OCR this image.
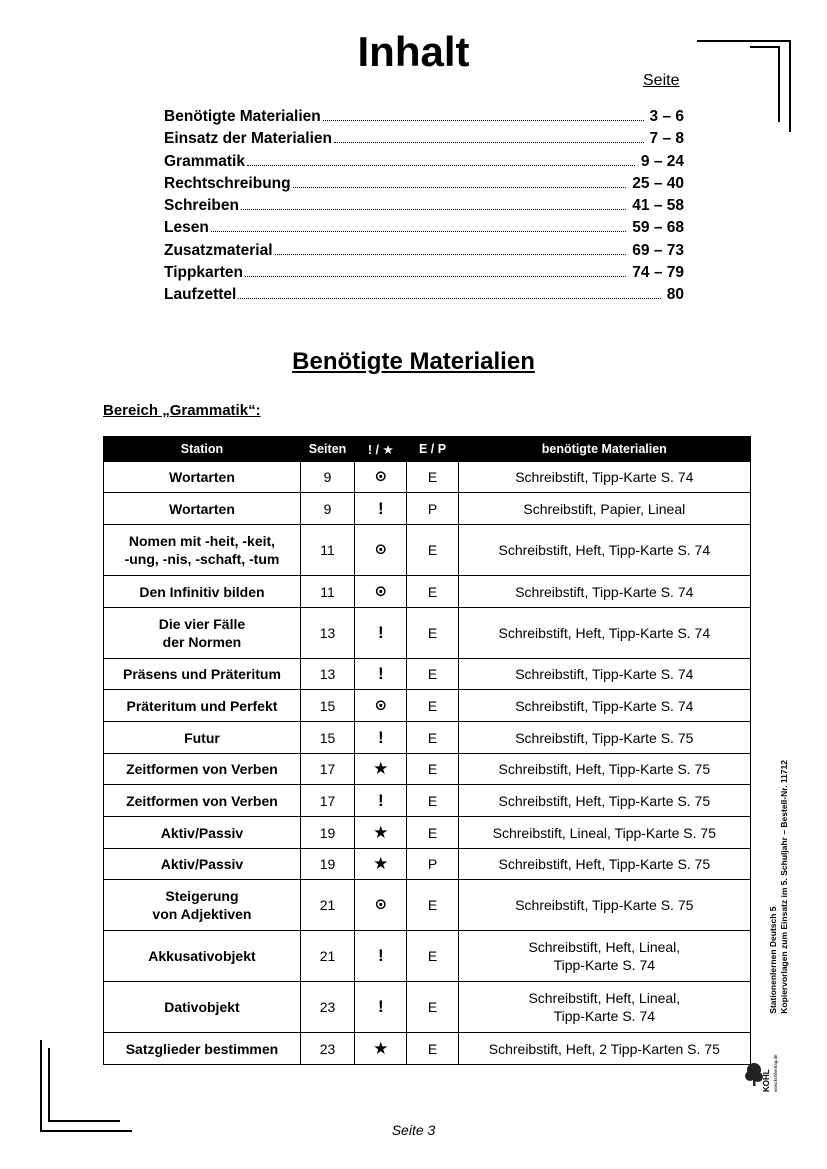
Inhalt
Seite
Benötigte Materialien	3 – 6
Einsatz der Materialien	7 – 8
Grammatik	9 – 24
Rechtschreibung	25 – 40
Schreiben	41 – 58
Lesen	59 – 68
Zusatzmaterial	69 – 73
Tippkarten	74 – 79
Laufzettel	80
Benötigte Materialien
Bereich „Grammatik“:
Station	Seiten	! / ★	E / P	benötigte Materialien
Wortarten	9	⊙	E	Schreibstift, Tipp-Karte S. 74
Wortarten	9	!	P	Schreibstift, Papier, Lineal
Nomen mit -heit, -keit,
-ung, -nis, -schaft, -tum	11	⊙	E	Schreibstift, Heft, Tipp-Karte S. 74
Den Infinitiv bilden	11	⊙	E	Schreibstift, Tipp-Karte S. 74
Die vier Fälle
der Normen	13	!	E	Schreibstift, Heft, Tipp-Karte S. 74
Präsens und Präteritum	13	!	E	Schreibstift, Tipp-Karte S. 74
Präteritum und Perfekt	15	⊙	E	Schreibstift, Tipp-Karte S. 74
Futur	15	!	E	Schreibstift, Tipp-Karte S. 75
Zeitformen von Verben	17	★	E	Schreibstift, Heft, Tipp-Karte S. 75
Zeitformen von Verben	17	!	E	Schreibstift, Heft, Tipp-Karte S. 75
Aktiv/Passiv	19	★	E	Schreibstift, Lineal, Tipp-Karte S. 75
Aktiv/Passiv	19	★	P	Schreibstift, Heft, Tipp-Karte S. 75
Steigerung
von Adjektiven	21	⊙	E	Schreibstift, Tipp-Karte S. 75
Akkusativobjekt	21	!	E	Schreibstift, Heft, Lineal,
Tipp-Karte S. 74
Dativobjekt	23	!	E	Schreibstift, Heft, Lineal,
Tipp-Karte S. 74
Satzglieder bestimmen	23	★	E	Schreibstift, Heft, 2 Tipp-Karten S. 75
Stationenlernen Deutsch 5 Kopiervorlagen zum Einsatz im 5. Schuljahr – Bestell-Nr. 11712
KOHL www.kohlverlag.de
Seite 3
